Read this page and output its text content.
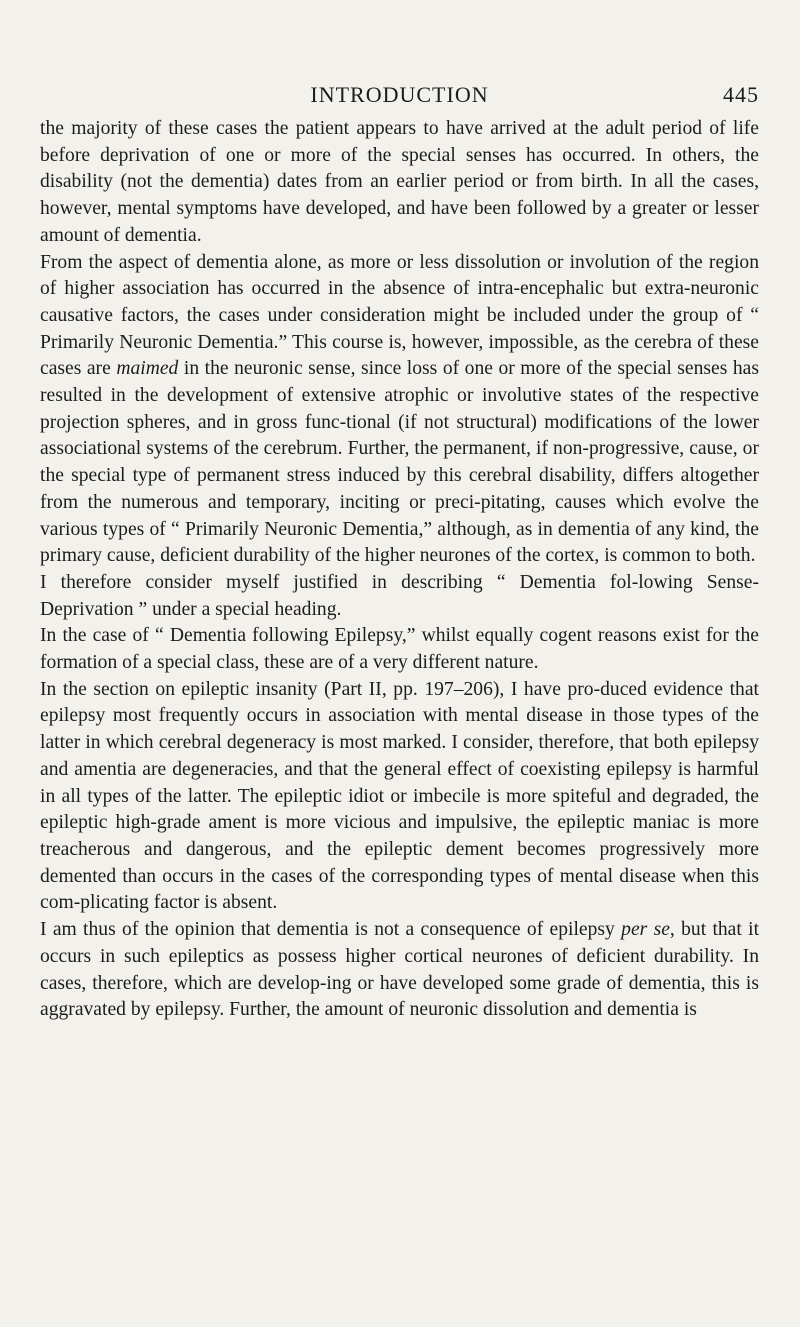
INTRODUCTION	445

the majority of these cases the patient appears to have arrived at the adult period of life before deprivation of one or more of the special senses has occurred. In others, the disability (not the dementia) dates from an earlier period or from birth. In all the cases, however, mental symptoms have developed, and have been followed by a greater or lesser amount of dementia.

From the aspect of dementia alone, as more or less dissolution or involution of the region of higher association has occurred in the absence of intra-encephalic but extra-neuronic causative factors, the cases under consideration might be included under the group of “ Primarily Neuronic Dementia.” This course is, however, impossible, as the cerebra of these cases are maimed in the neuronic sense, since loss of one or more of the special senses has resulted in the development of extensive atrophic or involutive states of the respective projection spheres, and in gross func-tional (if not structural) modifications of the lower associational systems of the cerebrum. Further, the permanent, if non-progressive, cause, or the special type of permanent stress induced by this cerebral disability, differs altogether from the numerous and temporary, inciting or preci-pitating, causes which evolve the various types of “ Primarily Neuronic Dementia,” although, as in dementia of any kind, the primary cause, deficient durability of the higher neurones of the cortex, is common to both.

I therefore consider myself justified in describing “ Dementia fol-lowing Sense-Deprivation ” under a special heading.

In the case of “ Dementia following Epilepsy,” whilst equally cogent reasons exist for the formation of a special class, these are of a very different nature.

In the section on epileptic insanity (Part II, pp. 197–206), I have pro-duced evidence that epilepsy most frequently occurs in association with mental disease in those types of the latter in which cerebral degeneracy is most marked. I consider, therefore, that both epilepsy and amentia are degeneracies, and that the general effect of coexisting epilepsy is harmful in all types of the latter. The epileptic idiot or imbecile is more spiteful and degraded, the epileptic high-grade ament is more vicious and impulsive, the epileptic maniac is more treacherous and dangerous, and the epileptic dement becomes progressively more demented than occurs in the cases of the corresponding types of mental disease when this com-plicating factor is absent.

I am thus of the opinion that dementia is not a consequence of epilepsy per se, but that it occurs in such epileptics as possess higher cortical neurones of deficient durability. In cases, therefore, which are develop-ing or have developed some grade of dementia, this is aggravated by epilepsy. Further, the amount of neuronic dissolution and dementia is
